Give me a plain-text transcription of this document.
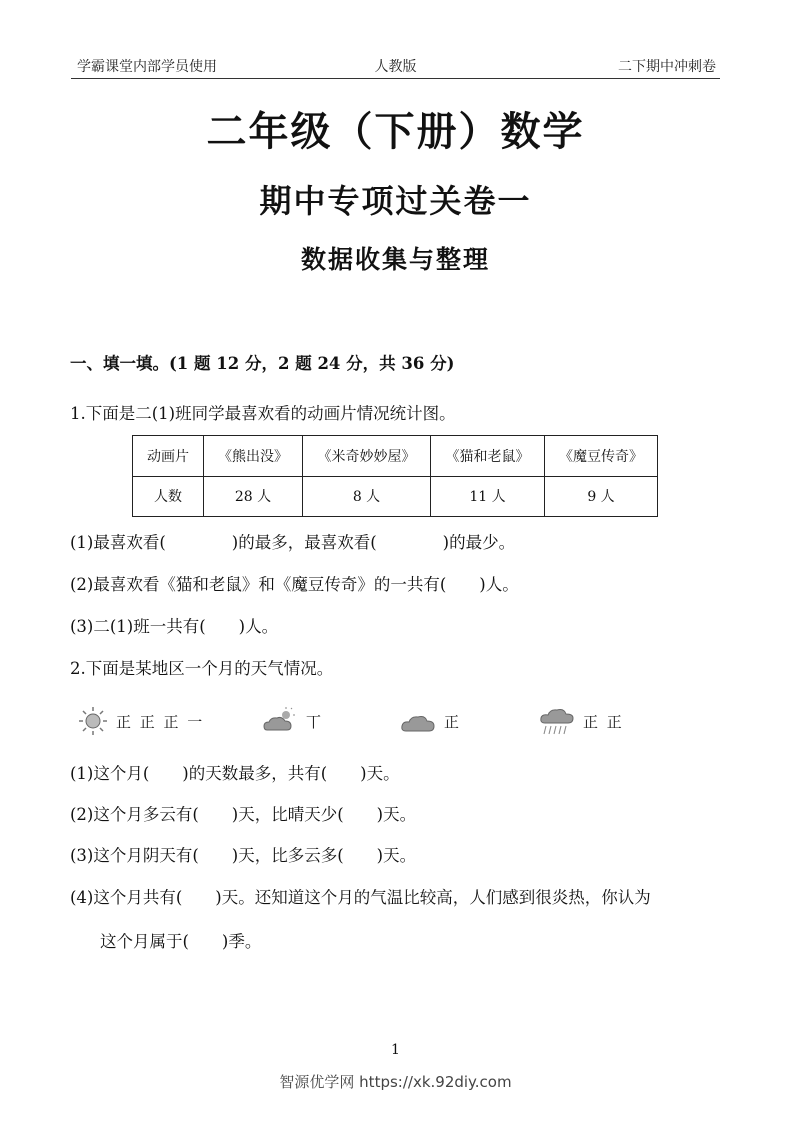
学霸课堂内部学员使用	人教版	二下期中冲刺卷
二年级（下册）数学
期中专项过关卷一
数据收集与整理
一、填一填。(1 题 12 分，2 题 24 分，共 36 分)
1.下面是二(1)班同学最喜欢看的动画片情况统计图。
动画片	《熊出没》	《米奇妙妙屋》	《猫和老鼠》	《魔豆传奇》
人数	28 人	8 人	11 人	9 人
(1)最喜欢看(　　　　)的最多，最喜欢看(　　　　)的最少。
(2)最喜欢看《猫和老鼠》和《魔豆传奇》的一共有(　　)人。
(3)二(1)班一共有(　　)人。
2.下面是某地区一个月的天气情况。
正 正 正 一	丅	正	正 正
(1)这个月(　　)的天数最多，共有(　　)天。
(2)这个月多云有(　　)天，比晴天少(　　)天。
(3)这个月阴天有(　　)天，比多云多(　　)天。
(4)这个月共有(　　)天。还知道这个月的气温比较高，人们感到很炎热，你认为
这个月属于(　　)季。
1
智源优学网 https://xk.92diy.com
